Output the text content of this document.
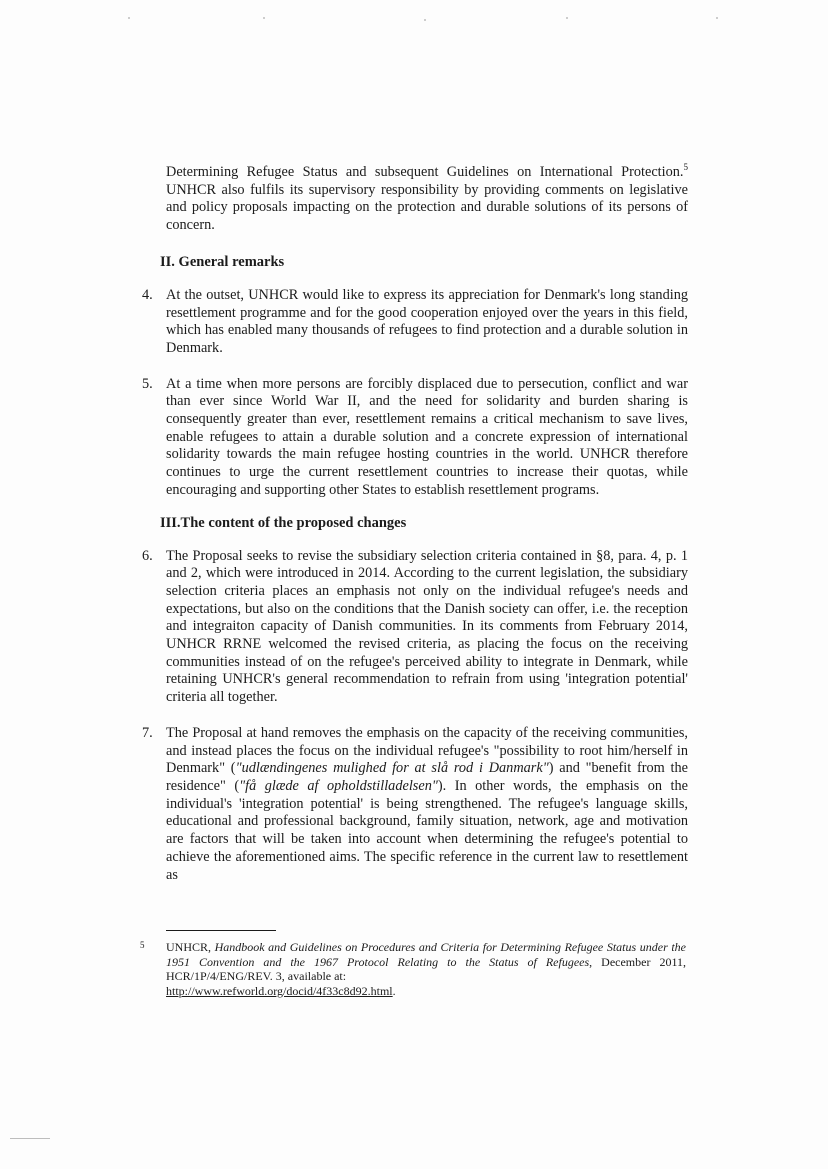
Determining Refugee Status and subsequent Guidelines on International Protection.$^5$ UNHCR also fulfils its supervisory responsibility by providing comments on legislative and policy proposals impacting on the protection and durable solutions of its persons of concern.

II. General remarks

4. At the outset, UNHCR would like to express its appreciation for Denmark's long standing resettlement programme and for the good cooperation enjoyed over the years in this field, which has enabled many thousands of refugees to find protection and a durable solution in Denmark.

5. At a time when more persons are forcibly displaced due to persecution, conflict and war than ever since World War II, and the need for solidarity and burden sharing is consequently greater than ever, resettlement remains a critical mechanism to save lives, enable refugees to attain a durable solution and a concrete expression of international solidarity towards the main refugee hosting countries in the world. UNHCR therefore continues to urge the current resettlement countries to increase their quotas, while encouraging and supporting other States to establish resettlement programs.

III.The content of the proposed changes

6. The Proposal seeks to revise the subsidiary selection criteria contained in §8, para. 4, p. 1 and 2, which were introduced in 2014. According to the current legislation, the subsidiary selection criteria places an emphasis not only on the individual refugee's needs and expectations, but also on the conditions that the Danish society can offer, i.e. the reception and integraiton capacity of Danish communities. In its comments from February 2014, UNHCR RRNE welcomed the revised criteria, as placing the focus on the receiving communities instead of on the refugee's perceived ability to integrate in Denmark, while retaining UNHCR's general recommendation to refrain from using 'integration potential' criteria all together.

7. The Proposal at hand removes the emphasis on the capacity of the receiving communities, and instead places the focus on the individual refugee's "possibility to root him/herself in Denmark" ("udlændingenes mulighed for at slå rod i Danmark") and "benefit from the residence" ("få glæde af opholdstilladelsen"). In other words, the emphasis on the individual's 'integration potential' is being strengthened. The refugee's language skills, educational and professional background, family situation, network, age and motivation are factors that will be taken into account when determining the refugee's potential to achieve the aforementioned aims. The specific reference in the current law to resettlement as

5 UNHCR, Handbook and Guidelines on Procedures and Criteria for Determining Refugee Status under the 1951 Convention and the 1967 Protocol Relating to the Status of Refugees, December 2011, HCR/1P/4/ENG/REV. 3, available at:
http://www.refworld.org/docid/4f33c8d92.html.
